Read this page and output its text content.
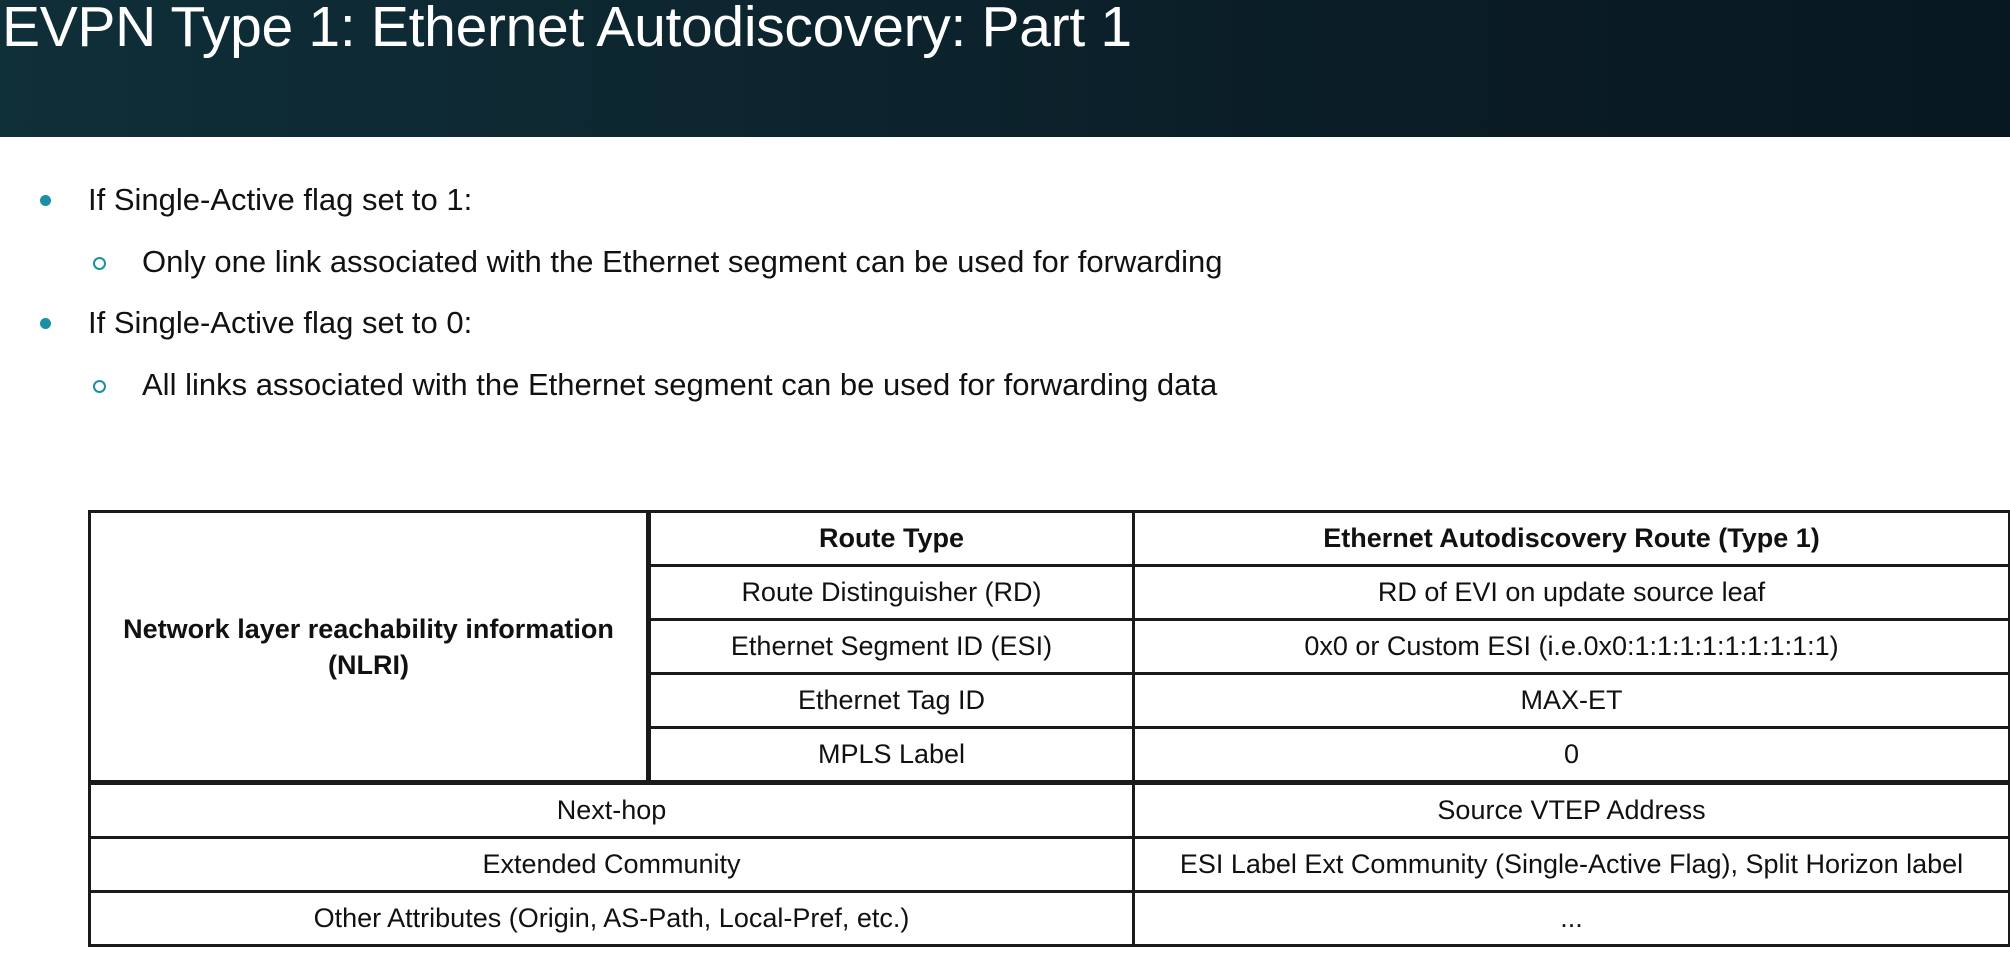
EVPN Type 1: Ethernet Autodiscovery: Part 1
If Single-Active flag set to 1:
Only one link associated with the Ethernet segment can be used for forwarding
If Single-Active flag set to 0:
All links associated with the Ethernet segment can be used for forwarding data
Network layer reachability information (NLRI)	Route Type	Ethernet Autodiscovery Route (Type 1)
	Route Distinguisher (RD)	RD of EVI on update source leaf
	Ethernet Segment ID (ESI)	0x0 or Custom ESI (i.e.0x0:1:1:1:1:1:1:1:1:1)
	Ethernet Tag ID	MAX-ET
	MPLS Label	0
Next-hop		Source VTEP Address
Extended Community		ESI Label Ext Community (Single-Active Flag), Split Horizon label
Other Attributes (Origin, AS-Path, Local-Pref, etc.)		...
